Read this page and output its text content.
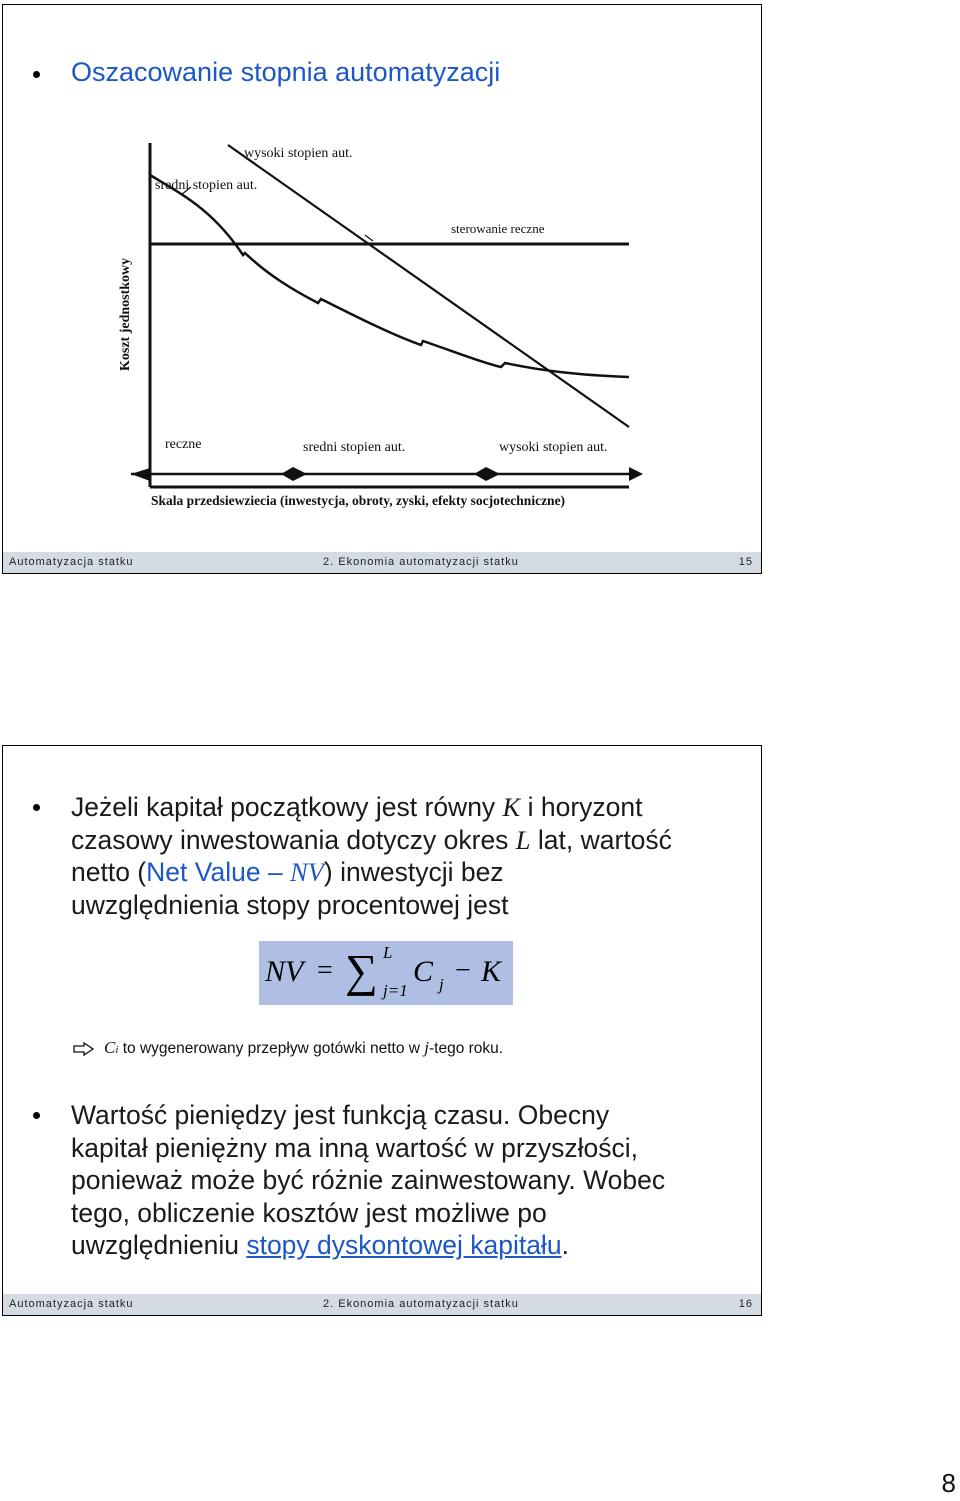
Oszacowanie stopnia automatyzacji
wysoki stopien aut.
sredni stopien aut.
sterowanie reczne
reczne	sredni stopien aut.	wysoki stopien aut.
Skala przedsiewziecia (inwestycja, obroty, zyski, efekty socjotechniczne)
Koszt jednostkowy
Automatyzacja statku	2. Ekonomia automatyzacji statku	15
Jeżeli kapitał początkowy jest równy K i horyzont
czasowy inwestowania dotyczy okres L lat, wartość
netto (Net Value – NV) inwestycji bez
uwzględnienia stopy procentowej jest
NV = ∑ L
j=1
C j − K
Ci to wygenerowany przepływ gotówki netto w j-tego roku.
Wartość pieniędzy jest funkcją czasu. Obecny
kapitał pieniężny ma inną wartość w przyszłości,
ponieważ może być różnie zainwestowany. Wobec
tego, obliczenie kosztów jest możliwe po
uwzględnieniu stopy dyskontowej kapitału.
Automatyzacja statku	2. Ekonomia automatyzacji statku	16
8
